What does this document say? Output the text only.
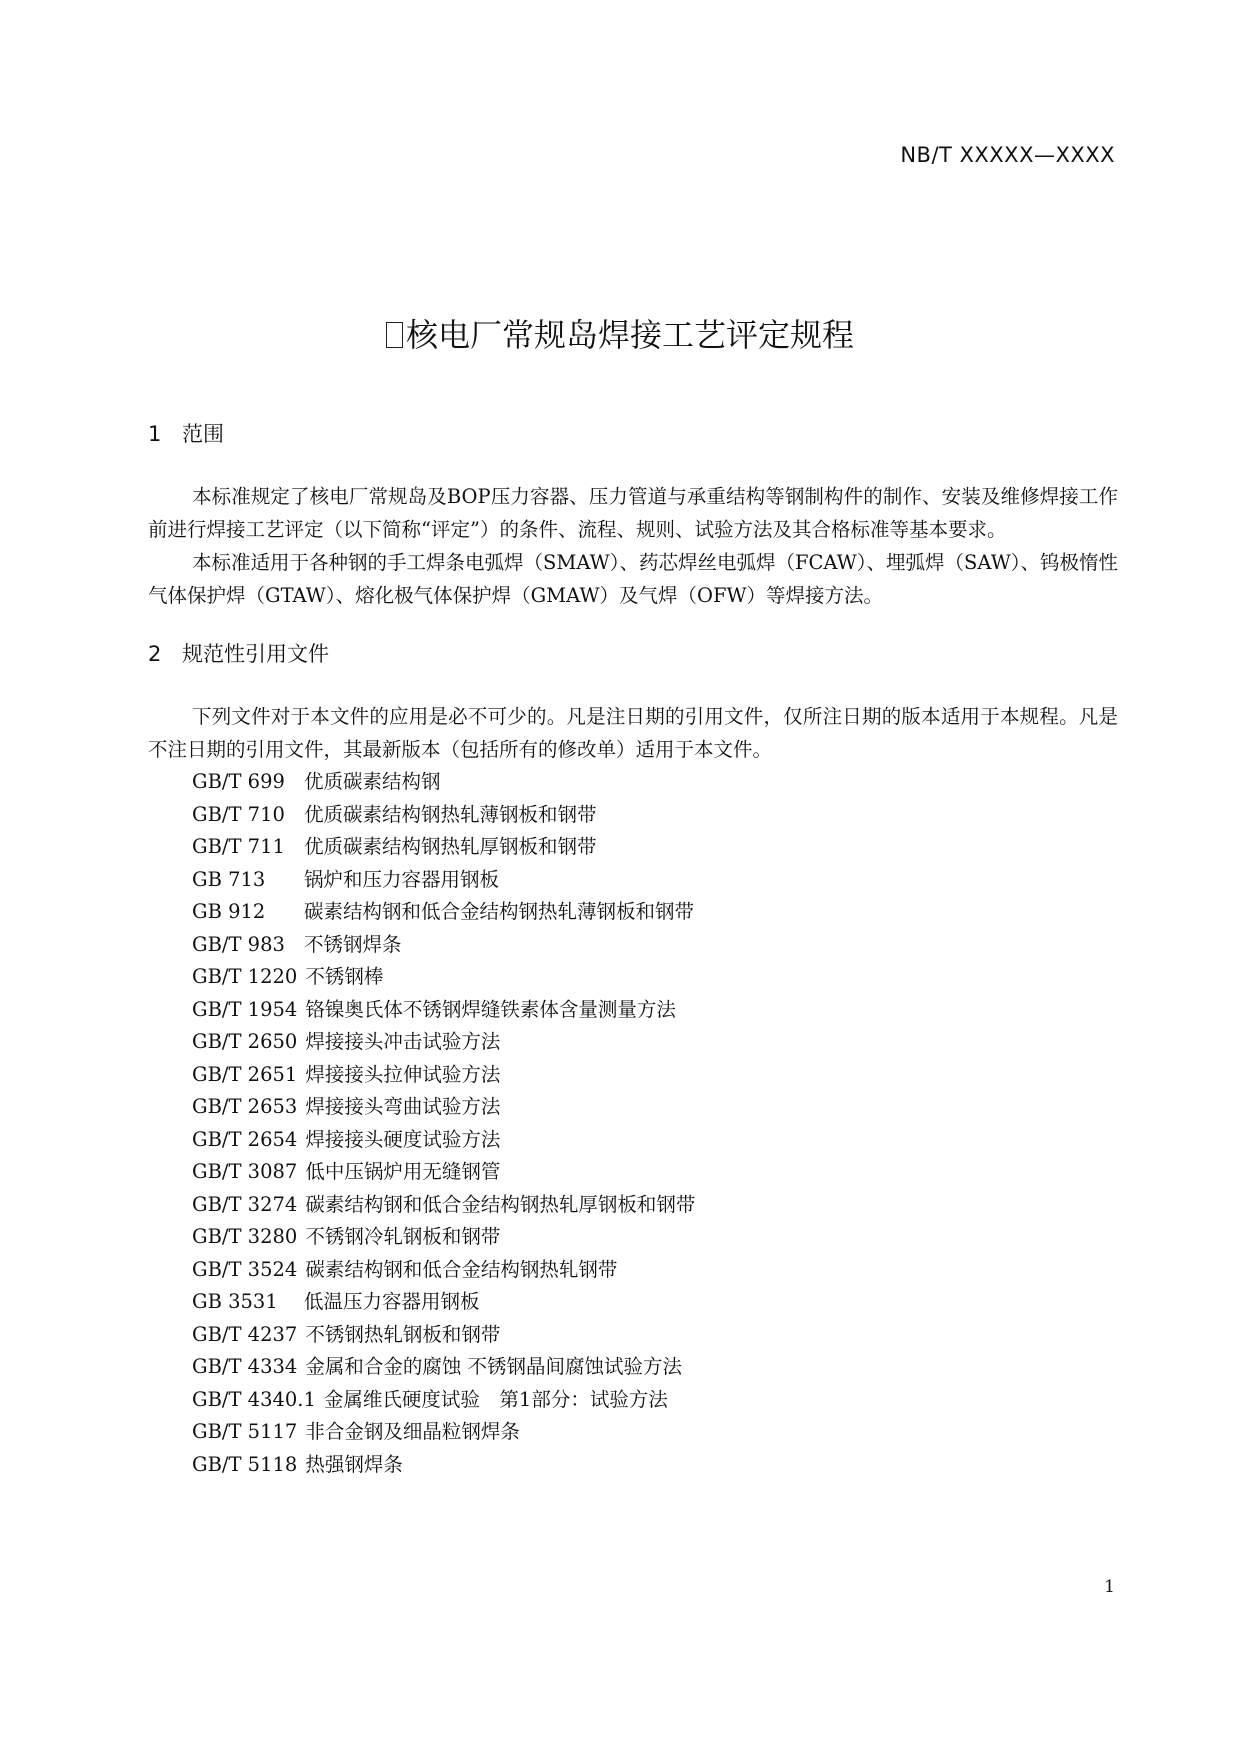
NB/T XXXXX—XXXX
核电厂常规岛焊接工艺评定规程
1 范围

本标准规定了核电厂常规岛及BOP压力容器、压力管道与承重结构等钢制构件的制作、安装及维修焊接工作前进行焊接工艺评定（以下简称“评定”）的条件、流程、规则、试验方法及其合格标准等基本要求。

本标准适用于各种钢的手工焊条电弧焊（SMAW）、药芯焊丝电弧焊（FCAW）、埋弧焊（SAW）、钨极惰性气体保护焊（GTAW）、熔化极气体保护焊（GMAW）及气焊（OFW）等焊接方法。

2 规范性引用文件

下列文件对于本文件的应用是必不可少的。凡是注日期的引用文件，仅所注日期的版本适用于本规程。凡是不注日期的引用文件，其最新版本（包括所有的修改单）适用于本文件。

GB/T 699 优质碳素结构钢
GB/T 710 优质碳素结构钢热轧薄钢板和钢带
GB/T 711 优质碳素结构钢热轧厚钢板和钢带
GB 713 锅炉和压力容器用钢板
GB 912 碳素结构钢和低合金结构钢热轧薄钢板和钢带
GB/T 983 不锈钢焊条
GB/T 1220 不锈钢棒
GB/T 1954 铬镍奥氏体不锈钢焊缝铁素体含量测量方法
GB/T 2650 焊接接头冲击试验方法
GB/T 2651 焊接接头拉伸试验方法
GB/T 2653 焊接接头弯曲试验方法
GB/T 2654 焊接接头硬度试验方法
GB/T 3087 低中压锅炉用无缝钢管
GB/T 3274 碳素结构钢和低合金结构钢热轧厚钢板和钢带
GB/T 3280 不锈钢冷轧钢板和钢带
GB/T 3524 碳素结构钢和低合金结构钢热轧钢带
GB 3531 低温压力容器用钢板
GB/T 4237 不锈钢热轧钢板和钢带
GB/T 4334 金属和合金的腐蚀 不锈钢晶间腐蚀试验方法
GB/T 4340.1 金属维氏硬度试验　第1部分：试验方法
GB/T 5117 非合金钢及细晶粒钢焊条
GB/T 5118 热强钢焊条
1
